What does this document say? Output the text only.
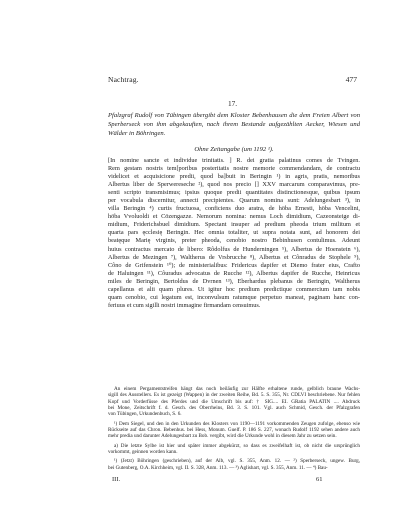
Nachtrag.	477
17.
Pfalzgraf Rudolf von Tübingen übergibt dem Kloster Bebenhausen die dem Freien Albert von Sperberseck von ihm abgekauften, nach ihrem Bestande aufgezählten Aecker, Wiesen und Wälder in Böhringen.
Ohne Zeitangabe (um 1192 ¹).
[In nomine sancte et individue trinitatis. ] R. dei gratia palatinus comes de Tvingen.
Rem gestam nostris tem[poribus posteritatis nostre memorie commendandam, de contractu
videlicet et acquisicione predii, quod ba]buit in Beringin ¹) in agris, pratis, nemoribus
Albertus liber de Sperwereseche ²), quod nos precio [] XXV marcarum comparavimus, pre-
senti scripto transmisimus; ipsius quoque predii quantitates distinctionesque, quibus ipsum
per vocabula discernitur, annecti precipientes. Quarum nomina sunt: Adelungesbart ³), in
villa Beringin ⁴) curtis fructuosa, conficiens duo aratra, de höba Ernesti, höba Vencelini,
höba Vvoluoldi et Cözengazze. Nemorum nomina: nemus Loch dimidium, Cazeonsteige di-
midium, Friderichsbuel dimidium. Spectant insuper ad predium pheoda trium militum et
quarta pars ęcclesię Beringin. Hec omnia totaliter, ut supra notata sunt, ad honorem dei
beatęque Marię virginis, preter pheoda, cenobio nostro Bebinhusen contulimus. Adeunt
huius contractus mercato de libero: Rôdolfus de Hunderningen ⁵), Albertus de Hoenstein ⁶),
Albertus de Mezingen ⁷), Waltherus de Vrsbrucche ⁸), Albertus et Cônradus de Stophele ⁹),
Côno de Grifenstein ¹⁰); de ministerialibus: Fridericus dapifer et Diemo frater eius, Crafto
de Haluingen ¹¹), Côuradus advocatus de Rucche ¹²), Albertus dapifer de Rucche, Heinricus
miles de Beringin, Bertoldus de Dvrnen ¹³), Eberhardus plebanus de Beringin, Waltherus
capellanus et alii quam plures. Ut igitur hoc predium predictique commercium tam nobis
quam cenobio, cui legatum est, inconvulsum ratumque perpetuo maneat, paginam hanc con-
feriuus et cum sigilli nostri immagine firmandam censuimus.
An einem Pergamentstreifen hängt das noch beiläufig zur Hälfte erhaltene runde, gelblich braune Wachs-
sigill des Ausstellers. Es ist gezeigt (Wappen) in der zweiten Reihe, Bd. 5. S. 355, Nr. CDLVI beschriebene. Nur fehlen
Kopf und Vorderfüsse des Pferdes und die Umschrift bis auf: † SIG.... EI. GRatia PALATIN .... Abdruck
bei Mone, Zeitschrift f. d. Gesch. des Oberrheins, Bd. 3. S. 101. Vgl. auch Schmid, Gesch. der Pfalzgrafen
von Tübingen, Urkundenbuch, S. 6.
¹) Dem Siegel, und den in den Urkunden des Klosters von 1190—1191 vorkommenden Zeugen zufolge, ebenso wie
Rückseite auf das Chron. Bebenhus. bei Hess, Monum. Guelf. P. 186 S. 227, wonach Rudolf 1192 sehen andere auch
mehr predia und darunter Adelungesbart zu Bob. vergibt, wird die Urkunde wohl in diesem Jahr zu setzen sein.
a) Die letzte Sylbe ist hier und später immer abgekürzt, so dass es zweifelhaft ist, ob nicht die ursprünglich
vorkommt, geinnen worden kann.
¹) (Jetzt) Böhringen (geschrieben), auf der Alb, vgl. S. 355, Anm. 12. — ²) Sperberseck, ungew. Burg,
bei Gutenberg, O.A. Kirchheim, vgl. II. S. 328, Anm. 113. — ³) Aglishart, vgl. S. 355, Anm. 11. — ⁴) Bau-
III.	61
